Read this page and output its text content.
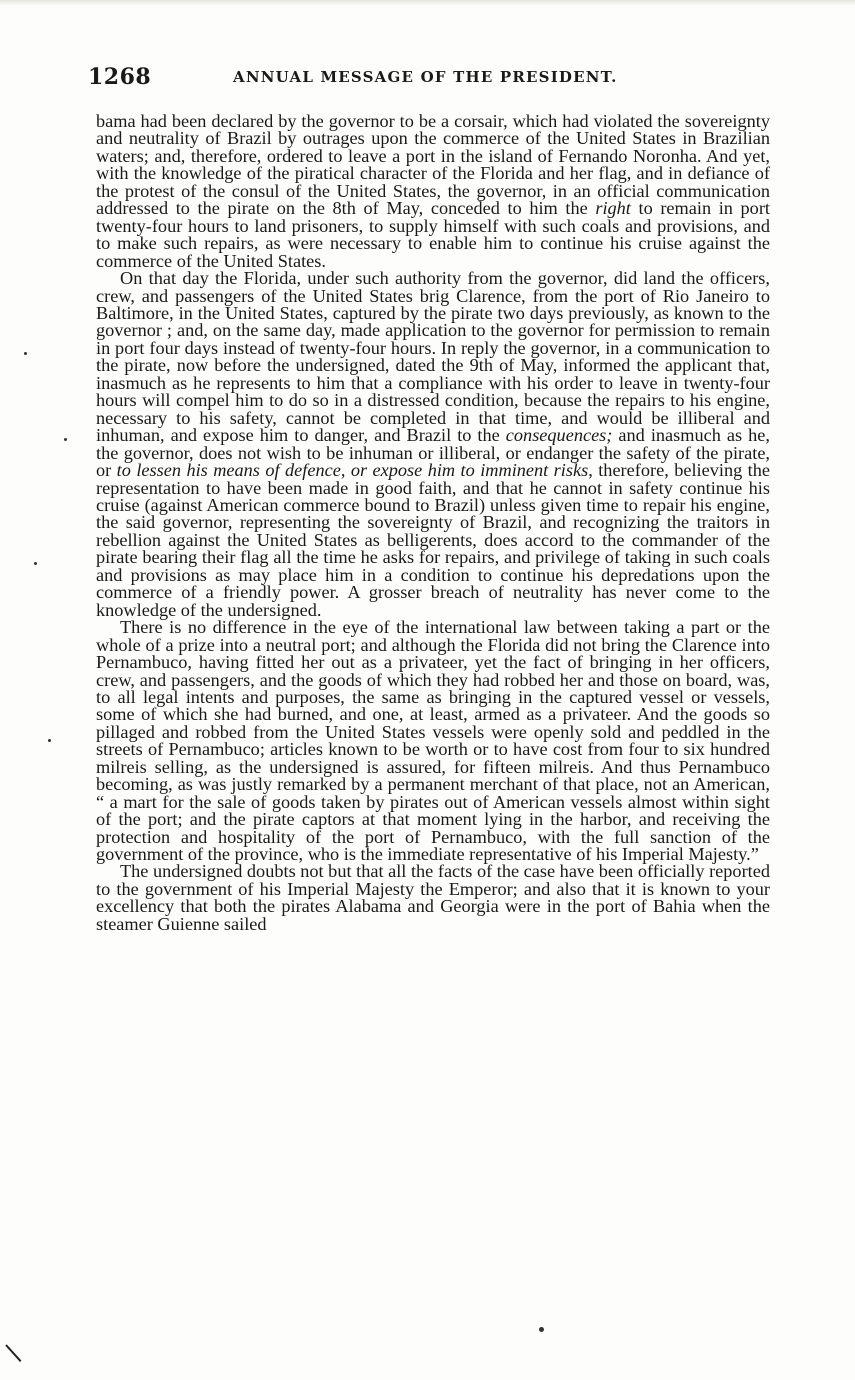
1268	ANNUAL MESSAGE OF THE PRESIDENT.

bama had been declared by the governor to be a corsair, which had violated the sovereignty and neutrality of Brazil by outrages upon the commerce of the United States in Brazilian waters; and, therefore, ordered to leave a port in the island of Fernando Noronha. And yet, with the knowledge of the piratical character of the Florida and her flag, and in defiance of the protest of the consul of the United States, the governor, in an official communication addressed to the pirate on the 8th of May, conceded to him the right to remain in port twenty-four hours to land prisoners, to supply himself with such coals and provisions, and to make such repairs, as were necessary to enable him to continue his cruise against the commerce of the United States.

On that day the Florida, under such authority from the governor, did land the officers, crew, and passengers of the United States brig Clarence, from the port of Rio Janeiro to Baltimore, in the United States, captured by the pirate two days previously, as known to the governor ; and, on the same day, made application to the governor for permission to remain in port four days instead of twenty-four hours. In reply the governor, in a communication to the pirate, now before the undersigned, dated the 9th of May, informed the applicant that, inasmuch as he represents to him that a compliance with his order to leave in twenty-four hours will compel him to do so in a distressed condition, because the repairs to his engine, necessary to his safety, cannot be completed in that time, and would be illiberal and inhuman, and expose him to danger, and Brazil to the consequences; and inasmuch as he, the governor, does not wish to be inhuman or illiberal, or endanger the safety of the pirate, or to lessen his means of defence, or expose him to imminent risks, therefore, believing the representation to have been made in good faith, and that he cannot in safety continue his cruise (against American commerce bound to Brazil) unless given time to repair his engine, the said governor, representing the sovereignty of Brazil, and recognizing the traitors in rebellion against the United States as belligerents, does accord to the commander of the pirate bearing their flag all the time he asks for repairs, and privilege of taking in such coals and provisions as may place him in a condition to continue his depredations upon the commerce of a friendly power. A grosser breach of neutrality has never come to the knowledge of the undersigned.

There is no difference in the eye of the international law between taking a part or the whole of a prize into a neutral port; and although the Florida did not bring the Clarence into Pernambuco, having fitted her out as a privateer, yet the fact of bringing in her officers, crew, and passengers, and the goods of which they had robbed her and those on board, was, to all legal intents and purposes, the same as bringing in the captured vessel or vessels, some of which she had burned, and one, at least, armed as a privateer. And the goods so pillaged and robbed from the United States vessels were openly sold and peddled in the streets of Pernambuco; articles known to be worth or to have cost from four to six hundred milreis selling, as the undersigned is assured, for fifteen milreis. And thus Pernambuco becoming, as was justly remarked by a permanent merchant of that place, not an American, “ a mart for the sale of goods taken by pirates out of American vessels almost within sight of the port; and the pirate captors at that moment lying in the harbor, and receiving the protection and hospitality of the port of Pernambuco, with the full sanction of the government of the province, who is the immediate representative of his Imperial Majesty.”

The undersigned doubts not but that all the facts of the case have been officially reported to the government of his Imperial Majesty the Emperor; and also that it is known to your excellency that both the pirates Alabama and Georgia were in the port of Bahia when the steamer Guienne sailed
